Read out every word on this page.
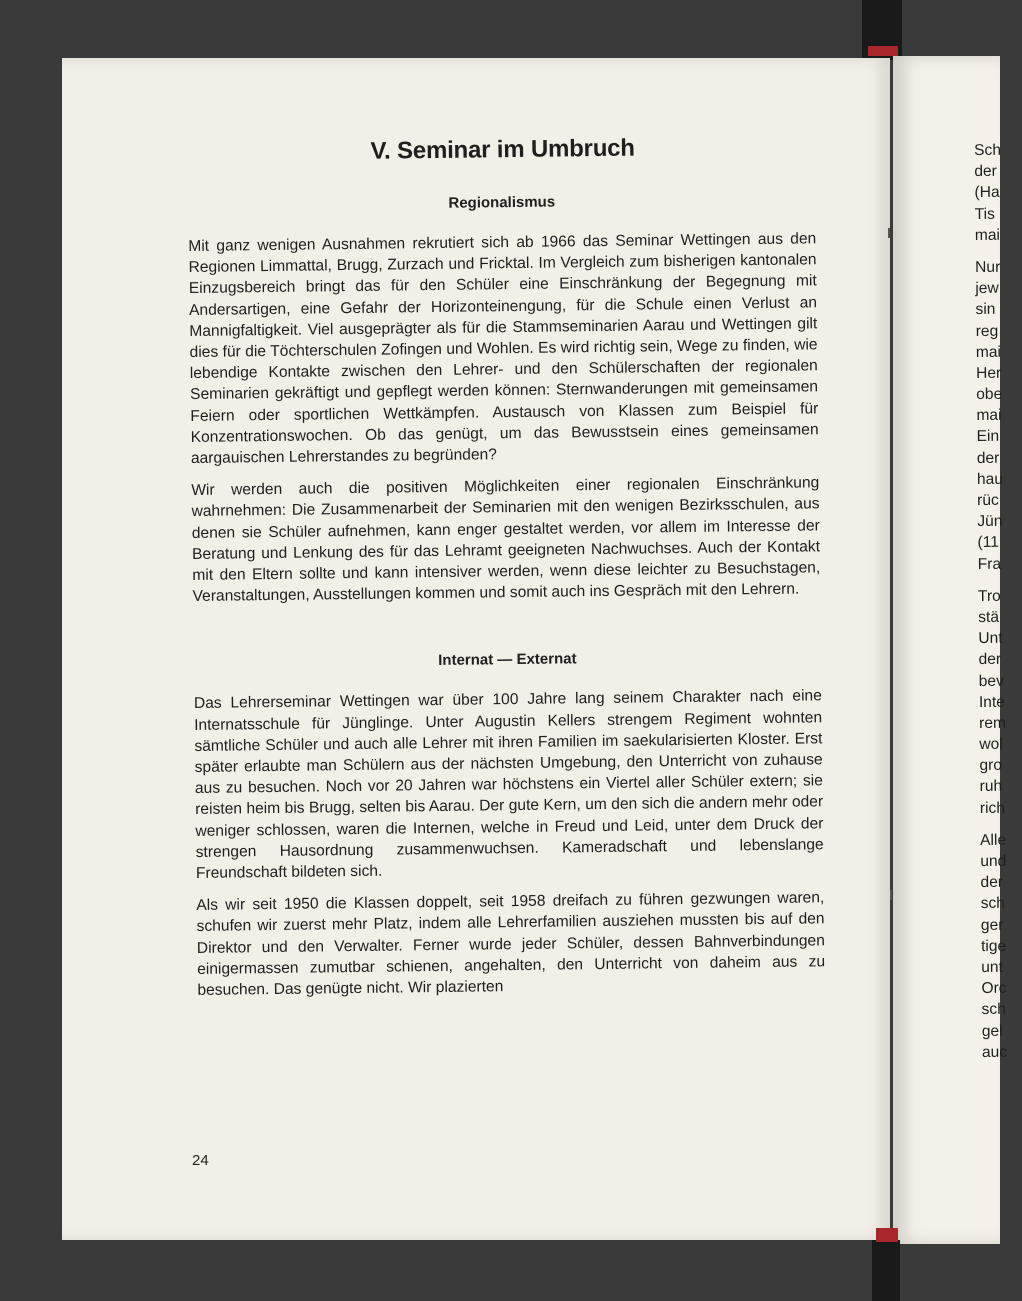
V. Seminar im Umbruch
Regionalismus

Mit ganz wenigen Ausnahmen rekrutiert sich ab 1966 das Seminar Wettingen aus den Regionen Limmattal, Brugg, Zurzach und Fricktal. Im Vergleich zum bisherigen kantonalen Einzugsbereich bringt das für den Schüler eine Einschränkung der Begegnung mit Andersartigen, eine Gefahr der Horizonteinengung, für die Schule einen Verlust an Mannigfaltigkeit. Viel ausgeprägter als für die Stammseminarien Aarau und Wettingen gilt dies für die Töchterschulen Zofingen und Wohlen. Es wird richtig sein, Wege zu finden, wie lebendige Kontakte zwischen den Lehrer- und den Schülerschaften der regionalen Seminarien gekräftigt und gepflegt werden können: Sternwanderungen mit gemeinsamen Feiern oder sportlichen Wettkämpfen. Austausch von Klassen zum Beispiel für Konzentrationswochen. Ob das genügt, um das Bewusstsein eines gemeinsamen aargauischen Lehrerstandes zu begründen?

Wir werden auch die positiven Möglichkeiten einer regionalen Einschränkung wahrnehmen: Die Zusammenarbeit der Seminarien mit den wenigen Bezirksschulen, aus denen sie Schüler aufnehmen, kann enger gestaltet werden, vor allem im Interesse der Beratung und Lenkung des für das Lehramt geeigneten Nachwuchses. Auch der Kontakt mit den Eltern sollte und kann intensiver werden, wenn diese leichter zu Besuchstagen, Veranstaltungen, Ausstellungen kommen und somit auch ins Gespräch mit den Lehrern.

Internat — Externat

Das Lehrerseminar Wettingen war über 100 Jahre lang seinem Charakter nach eine Internatsschule für Jünglinge. Unter Augustin Kellers strengem Regiment wohnten sämtliche Schüler und auch alle Lehrer mit ihren Familien im saekularisierten Kloster. Erst später erlaubte man Schülern aus der nächsten Umgebung, den Unterricht von zuhause aus zu besuchen. Noch vor 20 Jahren war höchstens ein Viertel aller Schüler extern; sie reisten heim bis Brugg, selten bis Aarau. Der gute Kern, um den sich die andern mehr oder weniger schlossen, waren die Internen, welche in Freud und Leid, unter dem Druck der strengen Hausordnung zusammenwuchsen. Kameradschaft und lebenslange Freundschaft bildeten sich.

Als wir seit 1950 die Klassen doppelt, seit 1958 dreifach zu führen gezwungen waren, schufen wir zuerst mehr Platz, indem alle Lehrerfamilien ausziehen mussten bis auf den Direktor und den Verwalter. Ferner wurde jeder Schüler, dessen Bahnverbindungen einigermassen zumutbar schienen, angehalten, den Unterricht von daheim aus zu besuchen. Das genügte nicht. Wir plazierten

24
Sch
der
(Ha
Tis
mai
Nur
jew
sin
reg
mai
Her
obe
mai
Ein
der
hau
rüc
Jün
(11
Fra
Tro
stä
Unt
der
bev
Inte
rem
wol
gro
ruh
rich
Alle
und
der
sch
ger
tige
unt
Orc
sch
gel
auc
